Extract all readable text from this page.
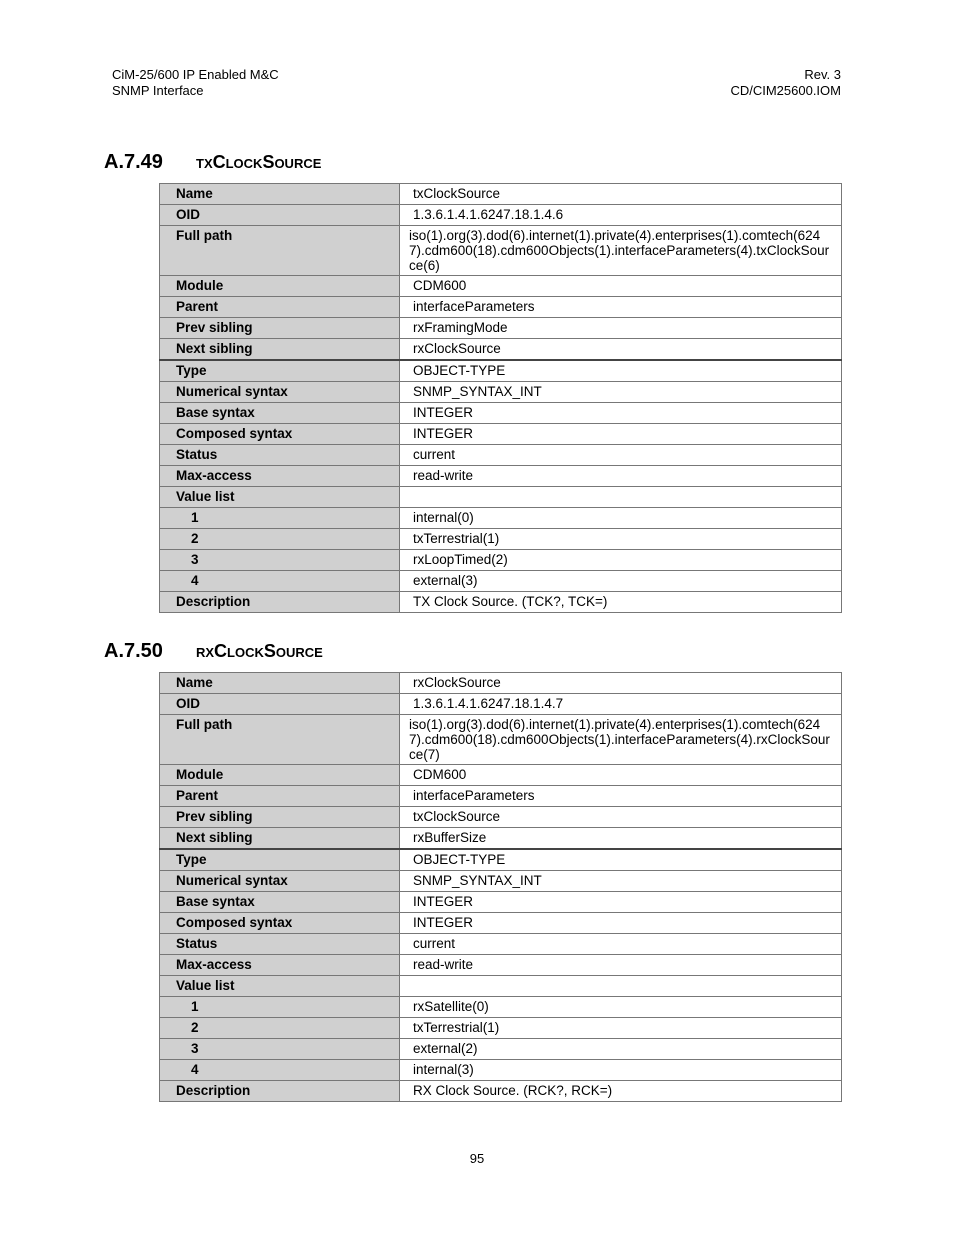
CiM-25/600 IP Enabled M&C
SNMP Interface
Rev. 3
CD/CIM25600.IOM
A.7.49 txClockSource
Name	txClockSource
OID	1.3.6.1.4.1.6247.18.1.4.6
Full path	iso(1).org(3).dod(6).internet(1).private(4).enterprises(1).comtech(6247).cdm600(18).cdm600Objects(1).interfaceParameters(4).txClockSource(6)
Module	CDM600
Parent	interfaceParameters
Prev sibling	rxFramingMode
Next sibling	rxClockSource
Type	OBJECT-TYPE
Numerical syntax	SNMP_SYNTAX_INT
Base syntax	INTEGER
Composed syntax	INTEGER
Status	current
Max-access	read-write
Value list	
1	internal(0)
2	txTerrestrial(1)
3	rxLoopTimed(2)
4	external(3)
Description	TX Clock Source. (TCK?, TCK=)
A.7.50 rxClockSource
Name	rxClockSource
OID	1.3.6.1.4.1.6247.18.1.4.7
Full path	iso(1).org(3).dod(6).internet(1).private(4).enterprises(1).comtech(6247).cdm600(18).cdm600Objects(1).interfaceParameters(4).rxClockSource(7)
Module	CDM600
Parent	interfaceParameters
Prev sibling	txClockSource
Next sibling	rxBufferSize
Type	OBJECT-TYPE
Numerical syntax	SNMP_SYNTAX_INT
Base syntax	INTEGER
Composed syntax	INTEGER
Status	current
Max-access	read-write
Value list	
1	rxSatellite(0)
2	txTerrestrial(1)
3	external(2)
4	internal(3)
Description	RX Clock Source. (RCK?, RCK=)
95
